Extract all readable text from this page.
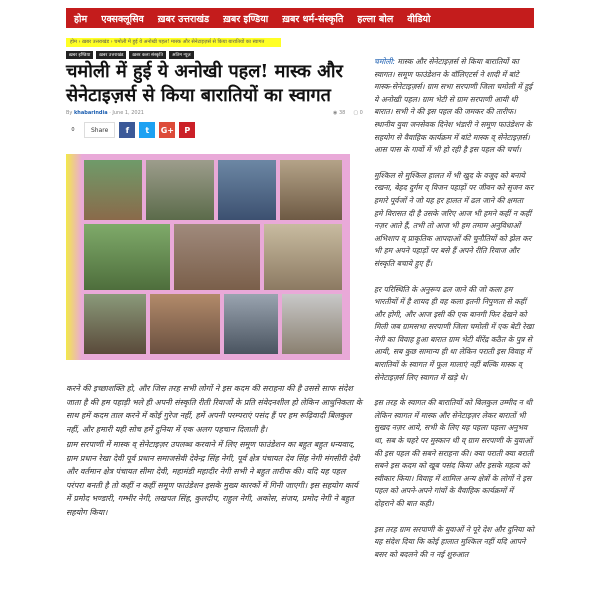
होम एक्सक्लूसिव ख़बर उत्तराखंड ख़बर इण्डिया ख़बर धर्म-संस्कृति हल्ला बोल वीडियो
होम › ख़बर उत्तराखंड › चमोली में हुई ये अनोखी पहल! मास्क और सेनेटाइज़र्स से किया बारातियों का स्वागत
ख़बर इण्डिया	ख़बर उत्तराखंड	ख़बर कला संस्कृति	अतिम न्यूज़
चमोली में हुई ये अनोखी पहल! मास्क और सेनेटाइज़र्स से किया बारातियों का स्वागत
By khabarindia · June 1, 2021	◉ 38 ▢ 0
0	Share	f	t	G+	P

करने की इच्छाशक्ति हो, और जिस तरह सभी लोगों ने इस कदम की सराहना की है उससे साफ संदेश जाता है की हम पहाड़ी भले ही अपनी संस्कृति रीती रिवाजों के प्रति संवेदनशील हो लेकिन आधुनिकता के साथ हमें कदम ताल करने में कोई गुरेज नहीं, हमें अपनी परम्पराएं पसंद हैं पर हम रूढ़िवादी बिलकुल नहीं, और हमारी यही सोच हमें दुनिया में एक अलग पहचान दिलाती है।

ग्राम सरपाणी में मास्क व् सेनेटाइज़र उपलब्ध करवाने में लिए समूण फाउंडेशन का बहुत बहुत धन्यवाद, ग्राम प्रधान रेखा देवी पूर्व प्रधान समाजसेवी देवेन्द्र सिंह नेगी, पूर्व क्षेत्र पंचायत देव सिंह नेगी मंगसीरी देवी और वर्तमान क्षेत्र पंचायत सीमा देवी, महामंडी महादीर नेगी सभी ने बहुत तारीफ की। यदि यह पहल परंपरा बनती है तो कहीं न कहीं समूण फाउंडेशन इसके मुख्य कारकों में गिनी जाएगी। इस सहयोग कार्य में प्रमोद भण्डारी, गम्भीर नेगी, लखपत सिंह, कुलदीप, राहुल नेगी, अकोस, संजय, प्रमोद नेगी ने बहुत सहयोग किया।

चमोली: मास्क और सेनेटाइज़र्स से किया बारातियों का स्वागत। समूण फाउंडेशन के वॉलिएटर्स ने शादी में बांटे मास्क-सेनेटाइज़र्स। ग्राम सभा सरपाणी जिला चमोली में हुई ये अनोखी पहल। ग्राम भेटी से ग्राम सरपाणी आयी थी बारात। सभी ने की इस पहल की जमकर की तारीफ। स्थानीय युवा जनसेवक दिनेश भंडारी ने समूण फाउंडेशन के सहयोग से वैवाहिक कार्यक्रम में बांटे मास्क व् सेनेटाइज़र्स। आस पास के गावों में भी हो रही है इस पहल की चर्चा।

मुश्किल से मुश्किल हालत में भी खुद के वजूद को बनाये रखना, बेहद दुर्गम व् विजन पहाड़ों पर जीवन को सृजन कर हमारे पूर्वजों ने जो यह हर हालत में ढल जाने की क्षमता हमे विरासत दी है उसके जरिए आज भी हमने कहीं न कहीं नज़र आते हैं, तभी तो आज भी हम तमाम अनुविधाओं अभिशाप व् प्राकृतिक आपदाओं की चुनौतियों को झेल कर भी हम अपने पहाड़ों पर बसे हैं अपने रीति रिवाज और संस्कृति बचाये हुए हैं।

हर परिस्थिति के अनुरूप ढल जाने की जो कला हम भारतीयों में है शायद ही वह कला इतनी निपुणता से कहीं और होगी, और आज इसी की एक बानगी फिर देखने को मिली जब ग्रामसभा सरपाणी जिला चमोली में एक बेटी रेखा नेगी का विवाह हुआ बारात ग्राम भेटी वीरेंद्र कठैत के पुत्र से आयी, सब कुछ सामान्य ही था लेकिन पराती इस विवाह में बारातियों के स्वागत में फूल मालाएं नहीं बल्कि मास्क व् सेनेटाइज़र्स लिए स्वागत में खड़े थे।

इस तरह के स्वागत की बारातियों को बिलकुल उम्मीद न थी लेकिन स्वागत में मास्क और सेनेटाइज़र लेकर बारातों भी सुखद नज़र आये, सभी के लिए यह पहला पहला अनुभव था, सब के चहरे पर मुस्कान थी व् ग्राम सरपाणी के युवाओं की इस पहल की सबने सराहना की। क्या पराती क्या बराती सबने इस कदम को खूब पसंद किया और इसके महत्व को स्वीकार किया। विवाह में शामिल अन्य क्षेत्रों के लोगों ने इस पहल को अपने-अपने गांवों के वैवाहिक कार्यक्रमों में दोहराने की बात कही।

इस तरह ग्राम सरपाणी के युवाओं ने पूरे देश और दुनिया को यह संदेश दिया कि कोई हालात मुश्किल नहीं यदि आपने बसर को बदलने की न नई शुरुआत
